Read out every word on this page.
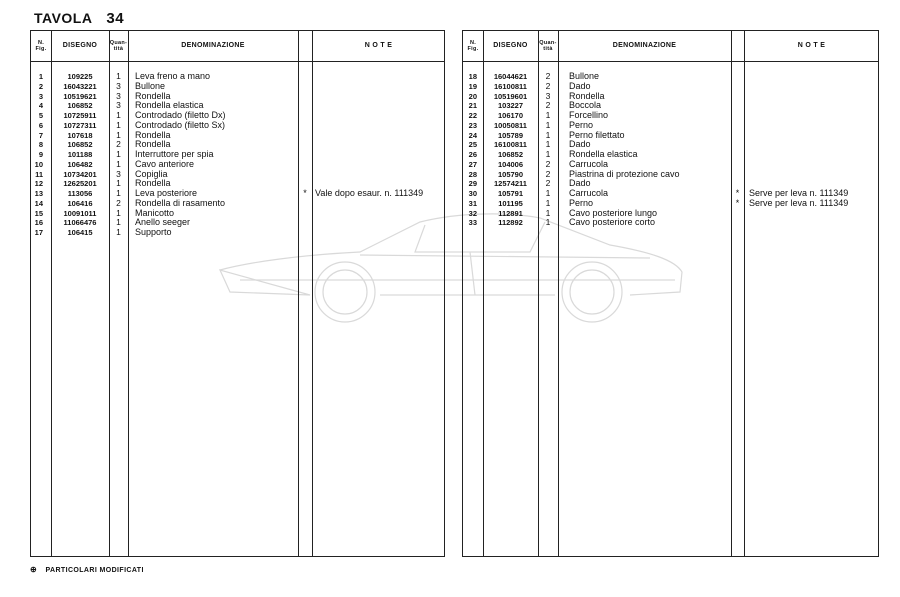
TAVOLA 34
N.
Fig.	DISEGNO	Quan-
tità	DENOMINAZIONE	N O T E
1	109225	1	Leva freno a mano
2	16043221	3	Bullone
3	10519621	3	Rondella
4	106852	3	Rondella elastica
5	10725911	1	Controdado (filetto Dx)
6	10727311	1	Controdado (filetto Sx)
7	107618	1	Rondella
8	106852	2	Rondella
9	101188	1	Interruttore per spia
10	106482	1	Cavo anteriore
11	10734201	3	Copiglia
12	12625201	1	Rondella
13	113056	1	Leva posteriore	* Vale dopo esaur. n. 111349
14	106416	2	Rondella di rasamento
15	10091011	1	Manicotto
16	11066476	1	Anello seeger
17	106415	1	Supporto
N.
Fig.	DISEGNO	Quan-
tità	DENOMINAZIONE	N O T E
18	16044621	2	Bullone
19	16100811	2	Dado
20	10519601	3	Rondella
21	103227	2	Boccola
22	106170	1	Forcellino
23	10050811	1	Perno
24	105789	1	Perno filettato
25	16100811	1	Dado
26	106852	1	Rondella elastica
27	104006	2	Carrucola
28	105790	2	Piastrina di protezione cavo
29	12574211	2	Dado
30	105791	1	Carrucola	*	Serve per leva n. 111349
31	101195	1	Perno	*	Serve per leva n. 111349
32	112891	1	Cavo posteriore lungo
33	112892	1	Cavo posteriore corto
⊕ PARTICOLARI MODIFICATI
